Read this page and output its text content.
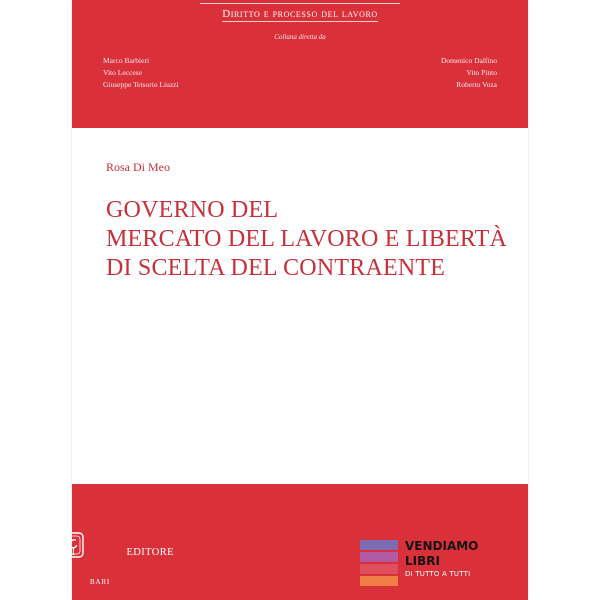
Diritto e processo del lavoro
Collana diretta da
Marco Barbieri
Vito Leccese
Giuseppe Tetsorio Liuzzi
Domenico Dalfino
Vito Pinto
Roberto Voza
Rosa Di Meo
GOVERNO DEL
MERCATO DEL LAVORO E LIBERTÀ
DI SCELTA DEL CONTRAENTE
CACUCCI	EDITORE
BARI
VENDIAMO
LIBRI
DI TUTTO A TUTTI
